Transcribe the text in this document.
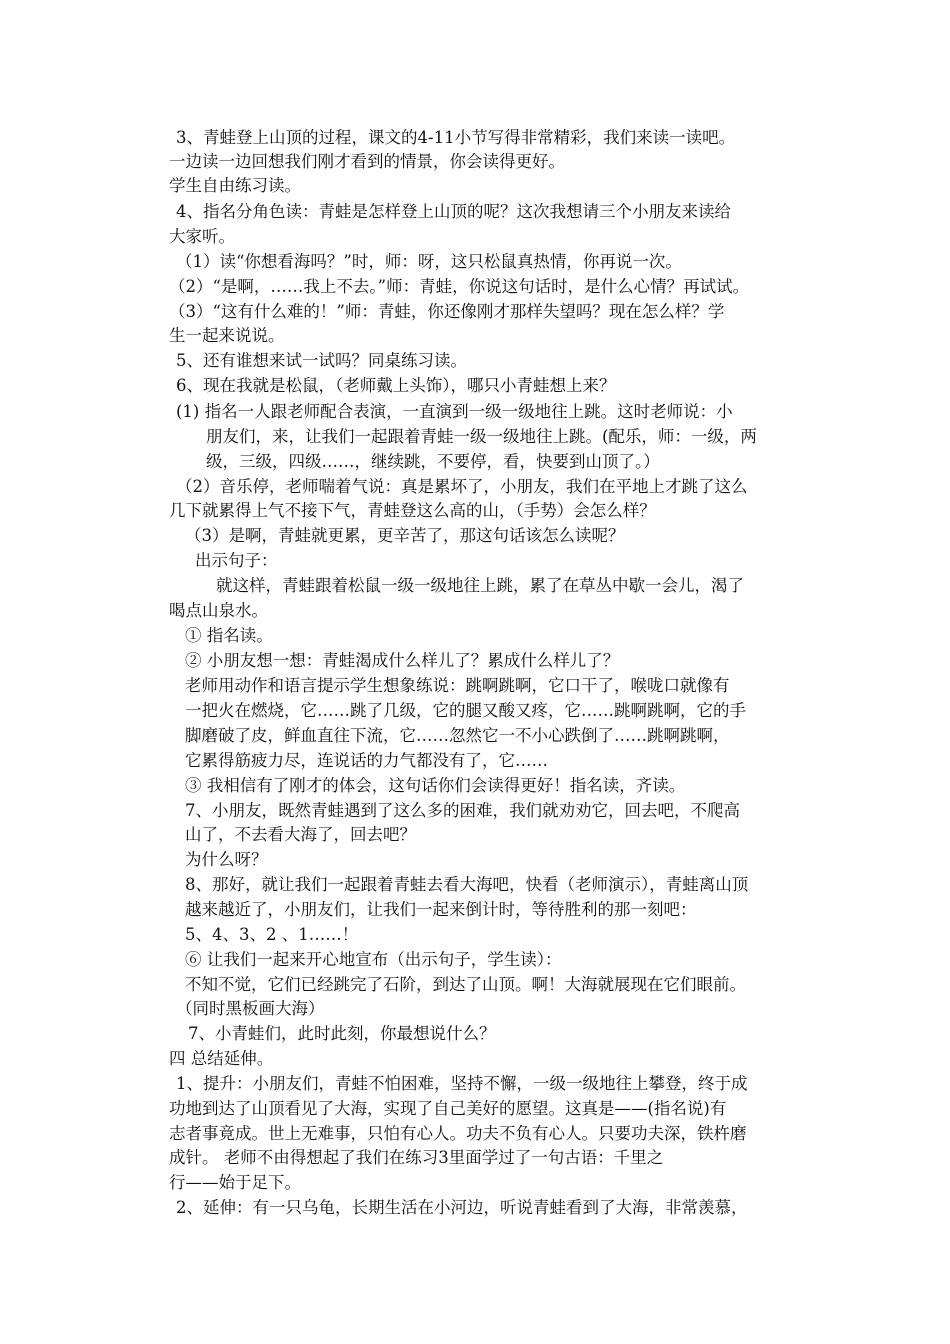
3、青蛙登上山顶的过程，课文的4-11小节写得非常精彩，我们来读一读吧。
一边读一边回想我们刚才看到的情景，你会读得更好。
学生自由练习读。
4、指名分角色读：青蛙是怎样登上山顶的呢？这次我想请三个小朋友来读给
大家听。
（1）读“你想看海吗？”时，师：呀，这只松鼠真热情，你再说一次。
（2）“是啊，……我上不去。”师：青蛙，你说这句话时，是什么心情？再试试。
（3）“这有什么难的！”师：青蛙，你还像刚才那样失望吗？现在怎么样？学
生一起来说说。
5、还有谁想来试一试吗？同桌练习读。
6、现在我就是松鼠，（老师戴上头饰），哪只小青蛙想上来？
(1) 指名一人跟老师配合表演，一直演到一级一级地往上跳。这时老师说：小
朋友们，来，让我们一起跟着青蛙一级一级地往上跳。(配乐，师：一级，两
级，三级，四级……，继续跳，不要停，看，快要到山顶了。）
（2）音乐停，老师喘着气说：真是累坏了，小朋友，我们在平地上才跳了这么
几下就累得上气不接下气，青蛙登这么高的山，（手势）会怎么样？
（3）是啊，青蛙就更累，更辛苦了，那这句话该怎么读呢？
出示句子：
就这样，青蛙跟着松鼠一级一级地往上跳，累了在草丛中歇一会儿，渴了
喝点山泉水。
① 指名读。
② 小朋友想一想：青蛙渴成什么样儿了？累成什么样儿了？
老师用动作和语言提示学生想象练说：跳啊跳啊，它口干了，喉咙口就像有
一把火在燃烧，它……跳了几级，它的腿又酸又疼，它……跳啊跳啊，它的手
脚磨破了皮，鲜血直往下流，它……忽然它一不小心跌倒了……跳啊跳啊，
它累得筋疲力尽，连说话的力气都没有了，它……
③ 我相信有了刚才的体会，这句话你们会读得更好！指名读，齐读。
7、小朋友，既然青蛙遇到了这么多的困难，我们就劝劝它，回去吧，不爬高
山了，不去看大海了，回去吧？
为什么呀？
8、那好，就让我们一起跟着青蛙去看大海吧，快看（老师演示），青蛙离山顶
越来越近了，小朋友们，让我们一起来倒计时，等待胜利的那一刻吧：
5、4、3、2 、1……！
⑥ 让我们一起来开心地宣布（出示句子，学生读）：
不知不觉，它们已经跳完了石阶，到达了山顶。啊！大海就展现在它们眼前。
（同时黑板画大海）
7、小青蛙们，此时此刻，你最想说什么？
四 总结延伸。
1、提升：小朋友们，青蛙不怕困难，坚持不懈，一级一级地往上攀登，终于成
功地到达了山顶看见了大海，实现了自己美好的愿望。这真是——(指名说)有
志者事竟成。世上无难事，只怕有心人。功夫不负有心人。只要功夫深，铁杵磨
成针。 老师不由得想起了我们在练习3里面学过了一句古语：千里之
行——始于足下。
2、延伸：有一只乌龟，长期生活在小河边，听说青蛙看到了大海，非常羡慕，
